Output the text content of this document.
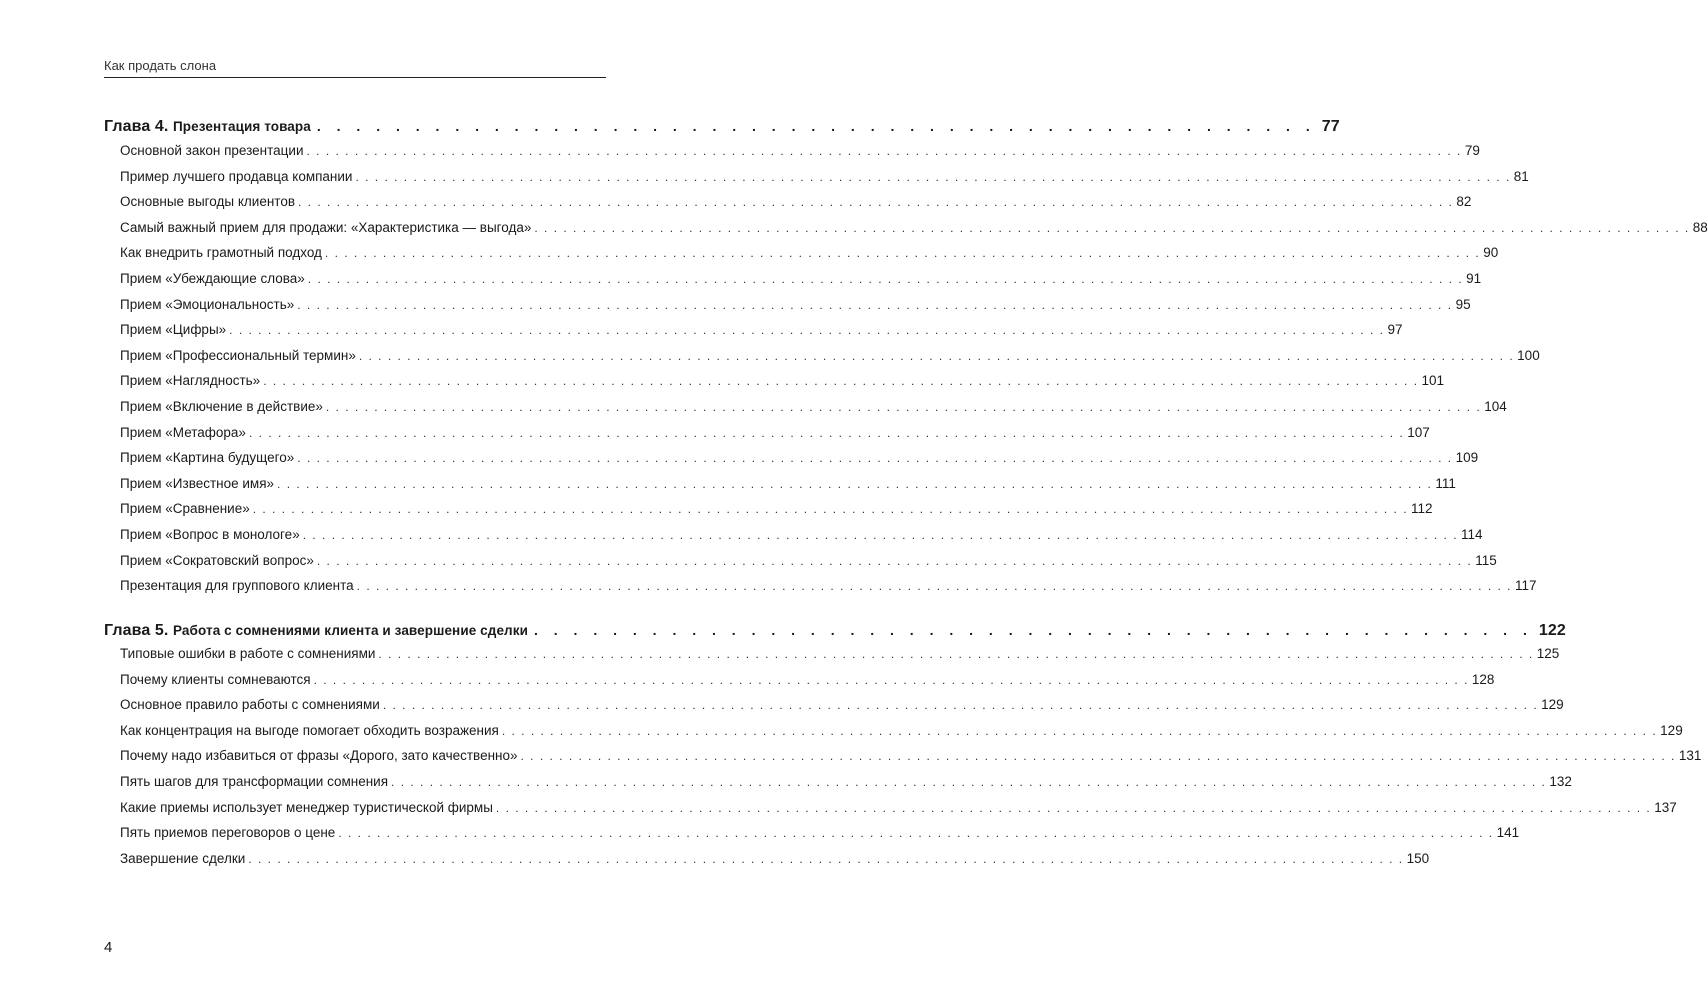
Как продать слона
Глава 4. Презентация товара . . . . . . . . . . . . . . . . . . . . . . . . . . . . . . . . . . . . . . . . . . . . . . . . . . . 77
Основной закон презентации . . . . . . . . . . . . . . . . . . . . . . . . . . . . . . . . . . . . . . . . . . . . . . . . . . . . . . . . . . . . . . . . . . . . . . . . . . . . . . . . . . . . . . . . . . . . . . . . . . . . . . . . . . . . . . . . . . . . . . . . 79
Пример лучшего продавца компании . . . . . . . . . . . . . . . . . . . . . . . . . . . . . . . . . . . . . . . . . . . . . . . . . . . . . . . . . . . . . . . . . . . . . . . . . . . . . . . . . . . . . . . . . . . . . . . . . . . . . . . . . . . . . . . . . . . . . . . . 81
Основные выгоды клиентов . . . . . . . . . . . . . . . . . . . . . . . . . . . . . . . . . . . . . . . . . . . . . . . . . . . . . . . . . . . . . . . . . . . . . . . . . . . . . . . . . . . . . . . . . . . . . . . . . . . . . . . . . . . . . . . . . . . . . . . . 82
Самый важный прием для продажи: «Характеристика — выгода» . . . . . . . . . . . . . . . . . . . . . . . . . . . . . . . . . . . . . . . . . . . . . . . . . . . . . . . . . . . . . . . . . . . . . . . . . . . . . . . . . . . . . . . . . . . . . . . . . . . . . . . . . . . . . . . . . . . . . . . . 88
Как внедрить грамотный подход . . . . . . . . . . . . . . . . . . . . . . . . . . . . . . . . . . . . . . . . . . . . . . . . . . . . . . . . . . . . . . . . . . . . . . . . . . . . . . . . . . . . . . . . . . . . . . . . . . . . . . . . . . . . . . . . . . . . . . . . 90
Прием «Убеждающие слова» . . . . . . . . . . . . . . . . . . . . . . . . . . . . . . . . . . . . . . . . . . . . . . . . . . . . . . . . . . . . . . . . . . . . . . . . . . . . . . . . . . . . . . . . . . . . . . . . . . . . . . . . . . . . . . . . . . . . . . . . 91
Прием «Эмоциональность» . . . . . . . . . . . . . . . . . . . . . . . . . . . . . . . . . . . . . . . . . . . . . . . . . . . . . . . . . . . . . . . . . . . . . . . . . . . . . . . . . . . . . . . . . . . . . . . . . . . . . . . . . . . . . . . . . . . . . . . . 95
Прием «Цифры» . . . . . . . . . . . . . . . . . . . . . . . . . . . . . . . . . . . . . . . . . . . . . . . . . . . . . . . . . . . . . . . . . . . . . . . . . . . . . . . . . . . . . . . . . . . . . . . . . . . . . . . . . . . . . . . . . . . . . . . . 97
Прием «Профессиональный термин» . . . . . . . . . . . . . . . . . . . . . . . . . . . . . . . . . . . . . . . . . . . . . . . . . . . . . . . . . . . . . . . . . . . . . . . . . . . . . . . . . . . . . . . . . . . . . . . . . . . . . . . . . . . . . . . . . . . . . . . . 100
Прием «Наглядность» . . . . . . . . . . . . . . . . . . . . . . . . . . . . . . . . . . . . . . . . . . . . . . . . . . . . . . . . . . . . . . . . . . . . . . . . . . . . . . . . . . . . . . . . . . . . . . . . . . . . . . . . . . . . . . . . . . . . . . . . 101
Прием «Включение в действие» . . . . . . . . . . . . . . . . . . . . . . . . . . . . . . . . . . . . . . . . . . . . . . . . . . . . . . . . . . . . . . . . . . . . . . . . . . . . . . . . . . . . . . . . . . . . . . . . . . . . . . . . . . . . . . . . . . . . . . . . 104
Прием «Метафора» . . . . . . . . . . . . . . . . . . . . . . . . . . . . . . . . . . . . . . . . . . . . . . . . . . . . . . . . . . . . . . . . . . . . . . . . . . . . . . . . . . . . . . . . . . . . . . . . . . . . . . . . . . . . . . . . . . . . . . . . 107
Прием «Картина будущего» . . . . . . . . . . . . . . . . . . . . . . . . . . . . . . . . . . . . . . . . . . . . . . . . . . . . . . . . . . . . . . . . . . . . . . . . . . . . . . . . . . . . . . . . . . . . . . . . . . . . . . . . . . . . . . . . . . . . . . . . 109
Прием «Известное имя» . . . . . . . . . . . . . . . . . . . . . . . . . . . . . . . . . . . . . . . . . . . . . . . . . . . . . . . . . . . . . . . . . . . . . . . . . . . . . . . . . . . . . . . . . . . . . . . . . . . . . . . . . . . . . . . . . . . . . . . . 111
Прием «Сравнение» . . . . . . . . . . . . . . . . . . . . . . . . . . . . . . . . . . . . . . . . . . . . . . . . . . . . . . . . . . . . . . . . . . . . . . . . . . . . . . . . . . . . . . . . . . . . . . . . . . . . . . . . . . . . . . . . . . . . . . . . 112
Прием «Вопрос в монологе» . . . . . . . . . . . . . . . . . . . . . . . . . . . . . . . . . . . . . . . . . . . . . . . . . . . . . . . . . . . . . . . . . . . . . . . . . . . . . . . . . . . . . . . . . . . . . . . . . . . . . . . . . . . . . . . . . . . . . . . . 114
Прием «Сократовский вопрос» . . . . . . . . . . . . . . . . . . . . . . . . . . . . . . . . . . . . . . . . . . . . . . . . . . . . . . . . . . . . . . . . . . . . . . . . . . . . . . . . . . . . . . . . . . . . . . . . . . . . . . . . . . . . . . . . . . . . . . . . 115
Презентация для группового клиента . . . . . . . . . . . . . . . . . . . . . . . . . . . . . . . . . . . . . . . . . . . . . . . . . . . . . . . . . . . . . . . . . . . . . . . . . . . . . . . . . . . . . . . . . . . . . . . . . . . . . . . . . . . . . . . . . . . . . . . . 117
Глава 5. Работа с сомнениями клиента и завершение сделки . . . . . . . . . . . . . . . . . . . . . . . . . . . . . . . . . . . . . . . . . . . . . . . . . . . 122
Типовые ошибки в работе с сомнениями . . . . . . . . . . . . . . . . . . . . . . . . . . . . . . . . . . . . . . . . . . . . . . . . . . . . . . . . . . . . . . . . . . . . . . . . . . . . . . . . . . . . . . . . . . . . . . . . . . . . . . . . . . . . . . . . . . . . . . . . 125
Почему клиенты сомневаются . . . . . . . . . . . . . . . . . . . . . . . . . . . . . . . . . . . . . . . . . . . . . . . . . . . . . . . . . . . . . . . . . . . . . . . . . . . . . . . . . . . . . . . . . . . . . . . . . . . . . . . . . . . . . . . . . . . . . . . . 128
Основное правило работы с сомнениями . . . . . . . . . . . . . . . . . . . . . . . . . . . . . . . . . . . . . . . . . . . . . . . . . . . . . . . . . . . . . . . . . . . . . . . . . . . . . . . . . . . . . . . . . . . . . . . . . . . . . . . . . . . . . . . . . . . . . . . . 129
Как концентрация на выгоде помогает обходить возражения . . . . . . . . . . . . . . . . . . . . . . . . . . . . . . . . . . . . . . . . . . . . . . . . . . . . . . . . . . . . . . . . . . . . . . . . . . . . . . . . . . . . . . . . . . . . . . . . . . . . . . . . . . . . . . . . . . . . . . . . 129
Почему надо избавиться от фразы «Дорого, зато качественно» . . . . . . . . . . . . . . . . . . . . . . . . . . . . . . . . . . . . . . . . . . . . . . . . . . . . . . . . . . . . . . . . . . . . . . . . . . . . . . . . . . . . . . . . . . . . . . . . . . . . . . . . . . . . . . . . . . . . . . . . 131
Пять шагов для трансформации сомнения . . . . . . . . . . . . . . . . . . . . . . . . . . . . . . . . . . . . . . . . . . . . . . . . . . . . . . . . . . . . . . . . . . . . . . . . . . . . . . . . . . . . . . . . . . . . . . . . . . . . . . . . . . . . . . . . . . . . . . . . 132
Какие приемы использует менеджер туристической фирмы . . . . . . . . . . . . . . . . . . . . . . . . . . . . . . . . . . . . . . . . . . . . . . . . . . . . . . . . . . . . . . . . . . . . . . . . . . . . . . . . . . . . . . . . . . . . . . . . . . . . . . . . . . . . . . . . . . . . . . . . 137
Пять приемов переговоров о цене . . . . . . . . . . . . . . . . . . . . . . . . . . . . . . . . . . . . . . . . . . . . . . . . . . . . . . . . . . . . . . . . . . . . . . . . . . . . . . . . . . . . . . . . . . . . . . . . . . . . . . . . . . . . . . . . . . . . . . . . 141
Завершение сделки . . . . . . . . . . . . . . . . . . . . . . . . . . . . . . . . . . . . . . . . . . . . . . . . . . . . . . . . . . . . . . . . . . . . . . . . . . . . . . . . . . . . . . . . . . . . . . . . . . . . . . . . . . . . . . . . . . . . . . . . 150
4
